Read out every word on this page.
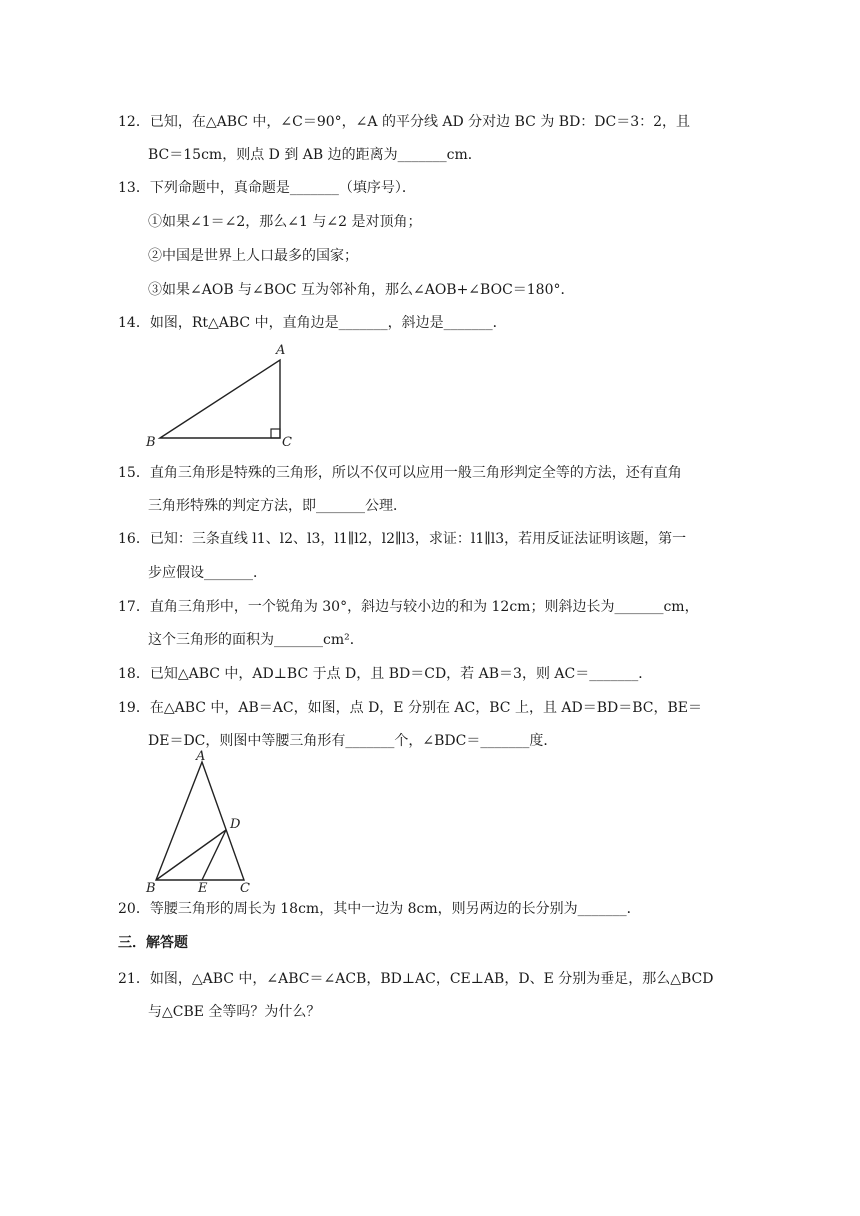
12．已知，在△ABC 中，∠C＝90°，∠A 的平分线 AD 分对边 BC 为 BD：DC＝3：2，且
BC＝15cm，则点 D 到 AB 边的距离为_______cm．
13．下列命题中，真命题是_______（填序号）．
①如果∠1＝∠2，那么∠1 与∠2 是对顶角；
②中国是世界上人口最多的国家；
③如果∠AOB 与∠BOC 互为邻补角，那么∠AOB+∠BOC＝180°．
14．如图，Rt△ABC 中，直角边是_______，斜边是_______．
A
B	C
15．直角三角形是特殊的三角形，所以不仅可以应用一般三角形判定全等的方法，还有直角
三角形特殊的判定方法，即_______公理．
16．已知：三条直线 l1、l2、l3，l1∥l2，l2∥l3，求证：l1∥l3，若用反证法证明该题，第一
步应假设_______．
17．直角三角形中，一个锐角为 30°，斜边与较小边的和为 12cm；则斜边长为_______cm，
这个三角形的面积为_______cm²．
18．已知△ABC 中，AD⊥BC 于点 D，且 BD＝CD，若 AB＝3，则 AC＝_______．
19．在△ABC 中，AB＝AC，如图，点 D，E 分别在 AC，BC 上，且 AD＝BD＝BC，BE＝
DE＝DC，则图中等腰三角形有_______个，∠BDC＝_______度．
A
B	C
D
E
20．等腰三角形的周长为 18cm，其中一边为 8cm，则另两边的长分别为_______．
三．解答题
21．如图，△ABC 中，∠ABC＝∠ACB，BD⊥AC，CE⊥AB，D、E 分别为垂足，那么△BCD
与△CBE 全等吗？为什么？
